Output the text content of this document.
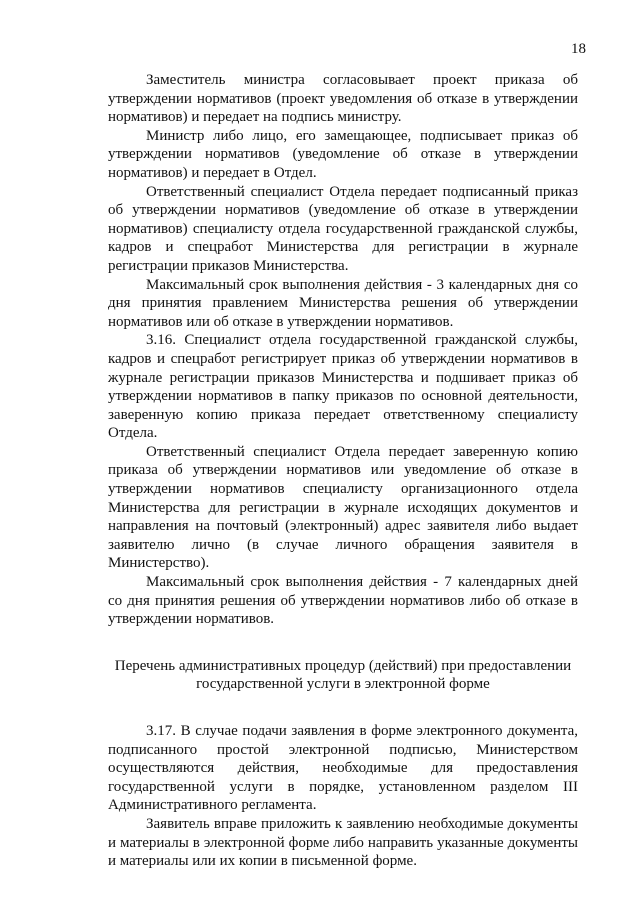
18

Заместитель министра согласовывает проект приказа об утверждении нормативов (проект уведомления об отказе в утверждении нормативов) и передает на подпись министру.

Министр либо лицо, его замещающее, подписывает приказ об утверждении нормативов (уведомление об отказе в утверждении нормативов) и передает в Отдел.

Ответственный специалист Отдела передает подписанный приказ об утверждении нормативов (уведомление об отказе в утверждении нормативов) специалисту отдела государственной гражданской службы, кадров и спецработ Министерства для регистрации в журнале регистрации приказов Министерства.

Максимальный срок выполнения действия - 3 календарных дня со дня принятия правлением Министерства решения об утверждении нормативов или об отказе в утверждении нормативов.

3.16. Специалист отдела государственной гражданской службы, кадров и спецработ регистрирует приказ об утверждении нормативов в журнале регистрации приказов Министерства и подшивает приказ об утверждении нормативов в папку приказов по основной деятельности, заверенную копию приказа передает ответственному специалисту Отдела.

Ответственный специалист Отдела передает заверенную копию приказа об утверждении нормативов или уведомление об отказе в утверждении нормативов специалисту организационного отдела Министерства для регистрации в журнале исходящих документов и направления на почтовый (электронный) адрес заявителя либо выдает заявителю лично (в случае личного обращения заявителя в Министерство).

Максимальный срок выполнения действия - 7 календарных дней со дня принятия решения об утверждении нормативов либо об отказе в утверждении нормативов.

Перечень административных процедур (действий) при предоставлении государственной услуги в электронной форме

3.17. В случае подачи заявления в форме электронного документа, подписанного простой электронной подписью, Министерством осуществляются действия, необходимые для предоставления государственной услуги в порядке, установленном разделом III Административного регламента.

Заявитель вправе приложить к заявлению необходимые документы и материалы в электронной форме либо направить указанные документы и материалы или их копии в письменной форме.
